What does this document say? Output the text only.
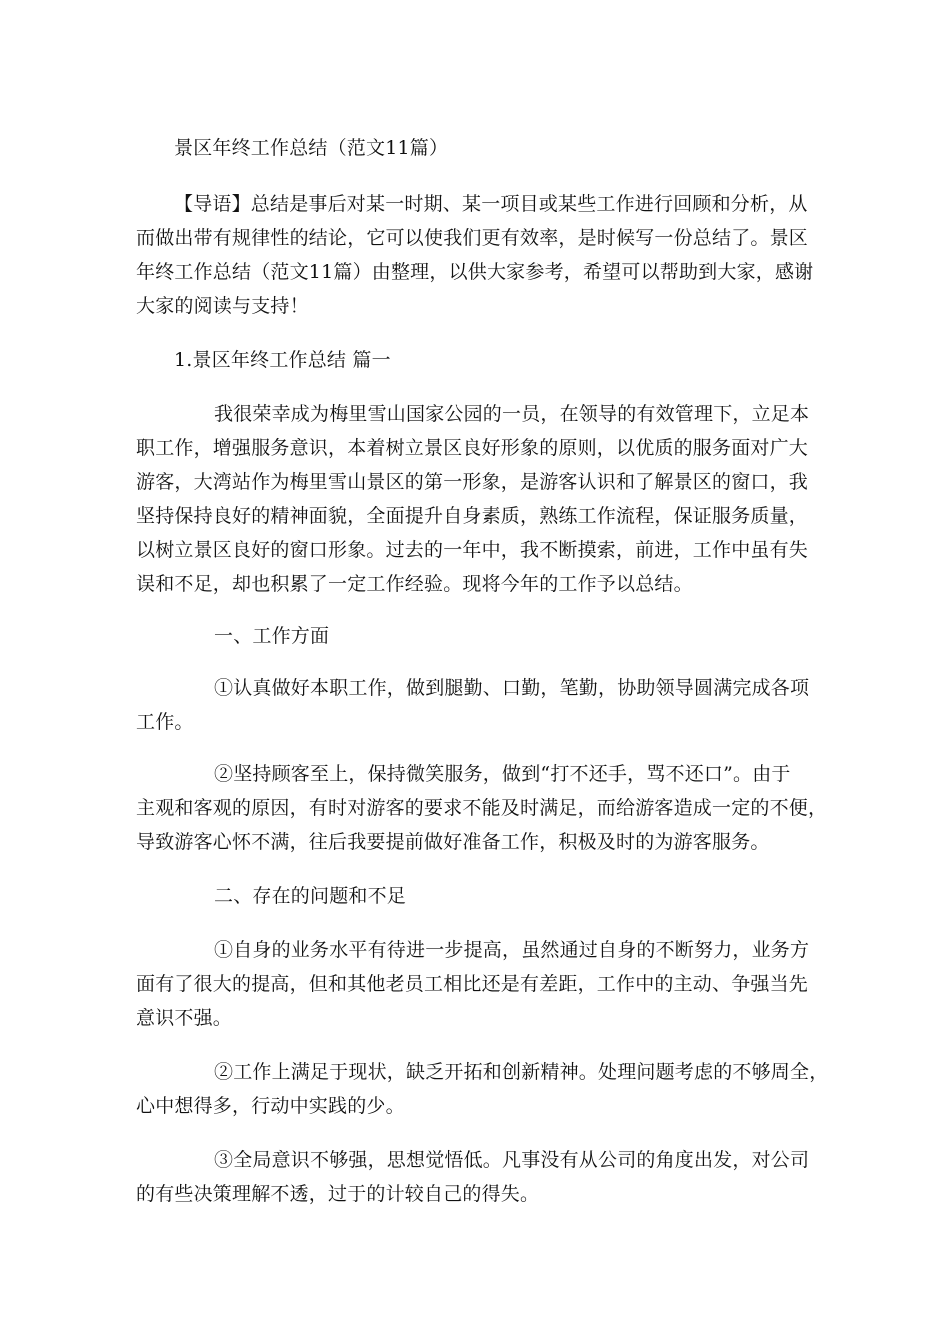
景区年终工作总结（范文11篇）
【导语】总结是事后对某一时期、某一项目或某些工作进行回顾和分析，从
而做出带有规律性的结论，它可以使我们更有效率，是时候写一份总结了。景区
年终工作总结（范文11篇）由整理，以供大家参考，希望可以帮助到大家，感谢
大家的阅读与支持！
1.景区年终工作总结 篇一
我很荣幸成为梅里雪山国家公园的一员，在领导的有效管理下，立足本
职工作，增强服务意识，本着树立景区良好形象的原则，以优质的服务面对广大
游客，大湾站作为梅里雪山景区的第一形象，是游客认识和了解景区的窗口，我
坚持保持良好的精神面貌，全面提升自身素质，熟练工作流程，保证服务质量，
以树立景区良好的窗口形象。过去的一年中，我不断摸索，前进，工作中虽有失
误和不足，却也积累了一定工作经验。现将今年的工作予以总结。
一、工作方面
①认真做好本职工作，做到腿勤、口勤，笔勤，协助领导圆满完成各项
工作。
②坚持顾客至上，保持微笑服务，做到“打不还手，骂不还口”。由于
主观和客观的原因，有时对游客的要求不能及时满足，而给游客造成一定的不便，
导致游客心怀不满，往后我要提前做好准备工作，积极及时的为游客服务。
二、存在的问题和不足
①自身的业务水平有待进一步提高，虽然通过自身的不断努力，业务方
面有了很大的提高，但和其他老员工相比还是有差距，工作中的主动、争强当先
意识不强。
②工作上满足于现状，缺乏开拓和创新精神。处理问题考虑的不够周全，
心中想得多，行动中实践的少。
③全局意识不够强，思想觉悟低。凡事没有从公司的角度出发，对公司
的有些决策理解不透，过于的计较自己的得失。
